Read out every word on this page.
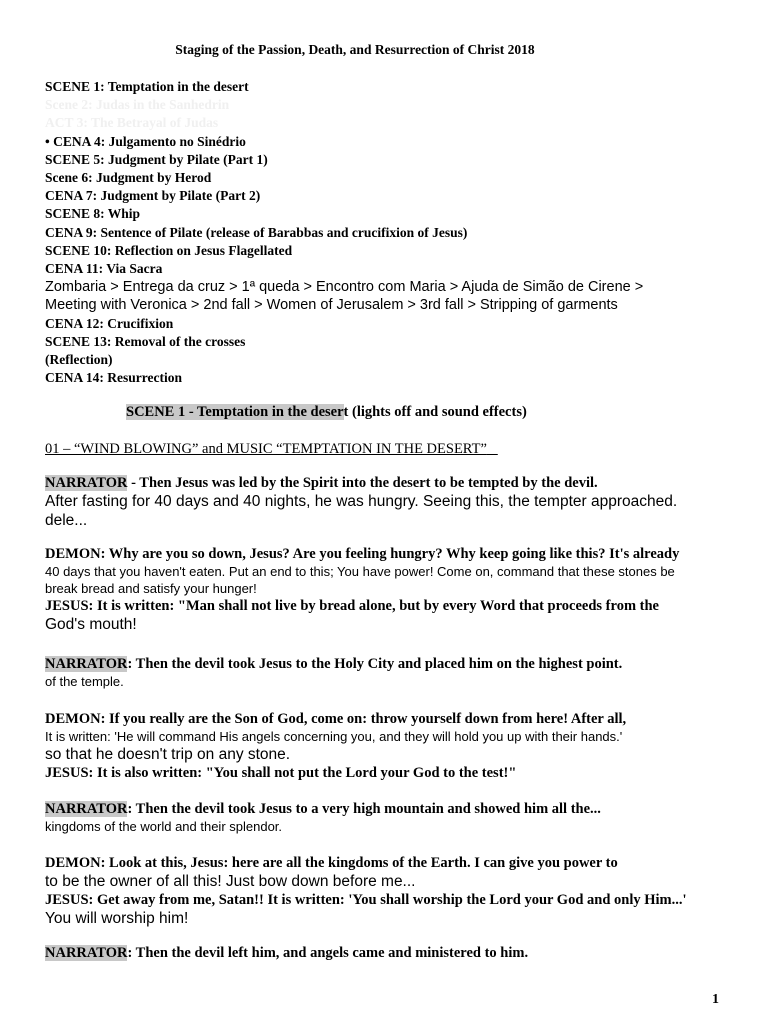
Staging of the Passion, Death, and Resurrection of Christ 2018
SCENE 1: Temptation in the desert
Scene 2: Judas in the Sanhedrin
ACT 3: The Betrayal of Judas
• CENA 4: Julgamento no Sinédrio
SCENE 5: Judgment by Pilate (Part 1)
Scene 6: Judgment by Herod
CENA 7: Judgment by Pilate (Part 2)
SCENE 8: Whip
CENA 9: Sentence of Pilate (release of Barabbas and crucifixion of Jesus)
SCENE 10: Reflection on Jesus Flagellated
CENA 11: Via Sacra
Zombaria > Entrega da cruz > 1ª queda > Encontro com Maria > Ajuda de Simão de Cirene >
Meeting with Veronica > 2nd fall > Women of Jerusalem > 3rd fall > Stripping of garments
CENA 12: Crucifixion
SCENE 13: Removal of the crosses
(Reflection)
CENA 14: Resurrection
SCENE 1 - Temptation in the desert (lights off and sound effects)
01 – “WIND BLOWING” and MUSIC “TEMPTATION IN THE DESERT”
NARRATOR - Then Jesus was led by the Spirit into the desert to be tempted by the devil.
After fasting for 40 days and 40 nights, he was hungry. Seeing this, the tempter approached.
dele...
DEMON: Why are you so down, Jesus? Are you feeling hungry? Why keep going like this? It's already
40 days that you haven't eaten. Put an end to this; You have power! Come on, command that these stones be
break bread and satisfy your hunger!
JESUS: It is written: "Man shall not live by bread alone, but by every Word that proceeds from the
God's mouth!
NARRATOR: Then the devil took Jesus to the Holy City and placed him on the highest point.
of the temple.
DEMON: If you really are the Son of God, come on: throw yourself down from here! After all,
It is written: 'He will command His angels concerning you, and they will hold you up with their hands.'
so that he doesn't trip on any stone.
JESUS: It is also written: "You shall not put the Lord your God to the test!"
NARRATOR: Then the devil took Jesus to a very high mountain and showed him all the...
kingdoms of the world and their splendor.
DEMON: Look at this, Jesus: here are all the kingdoms of the Earth. I can give you power to
to be the owner of all this! Just bow down before me...
JESUS: Get away from me, Satan!! It is written: 'You shall worship the Lord your God and only Him...'
You will worship him!
NARRATOR: Then the devil left him, and angels came and ministered to him.
1
